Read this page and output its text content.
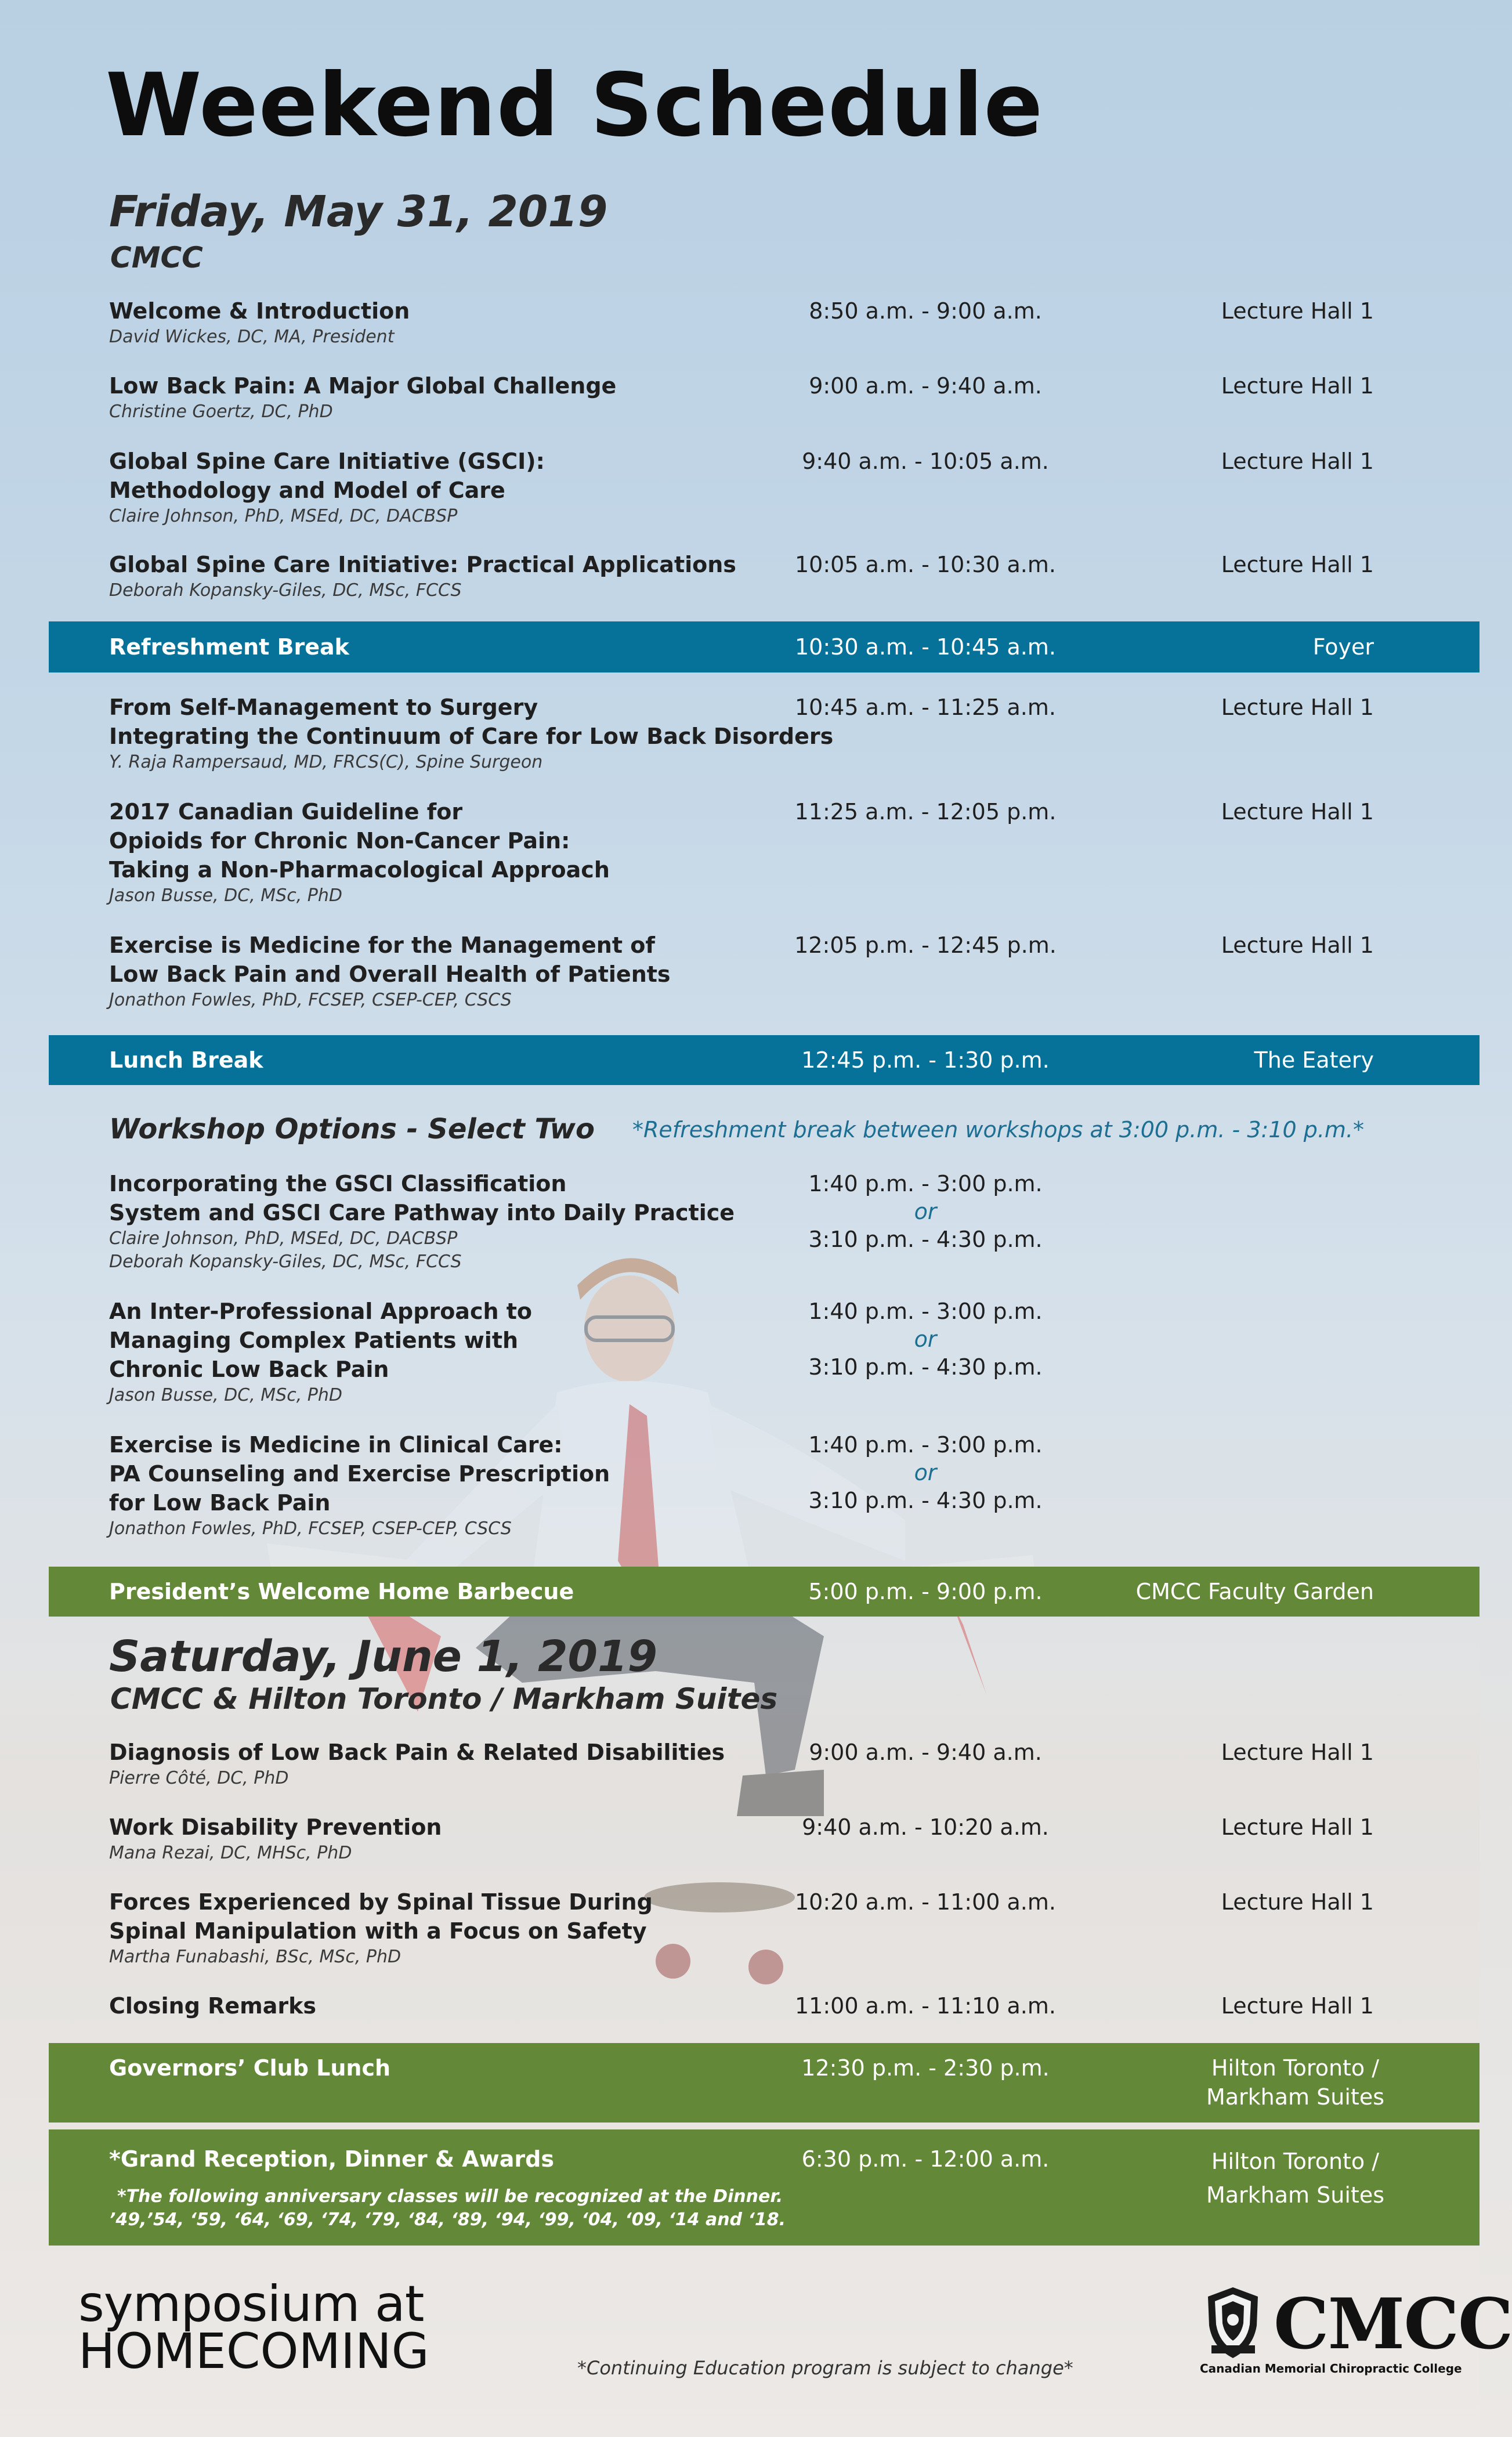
Weekend Schedule
Friday, May 31, 2019
CMCC
Welcome & Introduction
David Wickes, DC, MA, President
8:50 a.m. - 9:00 a.m.	Lecture Hall 1
Low Back Pain: A Major Global Challenge
Christine Goertz, DC, PhD
9:00 a.m. - 9:40 a.m.	Lecture Hall 1
Global Spine Care Initiative (GSCI):
Methodology and Model of Care
Claire Johnson, PhD, MSEd, DC, DACBSP
9:40 a.m. - 10:05 a.m.	Lecture Hall 1
Global Spine Care Initiative: Practical Applications
Deborah Kopansky-Giles, DC, MSc, FCCS
10:05 a.m. - 10:30 a.m.	Lecture Hall 1
Refreshment Break	10:30 a.m. - 10:45 a.m.	Foyer
From Self-Management to Surgery
Integrating the Continuum of Care for Low Back Disorders
Y. Raja Rampersaud, MD, FRCS(C), Spine Surgeon
10:45 a.m. - 11:25 a.m.	Lecture Hall 1
2017 Canadian Guideline for
Opioids for Chronic Non-Cancer Pain:
Taking a Non-Pharmacological Approach
Jason Busse, DC, MSc, PhD
11:25 a.m. - 12:05 p.m.	Lecture Hall 1
Exercise is Medicine for the Management of
Low Back Pain and Overall Health of Patients
Jonathon Fowles, PhD, FCSEP, CSEP-CEP, CSCS
12:05 p.m. - 12:45 p.m.	Lecture Hall 1
Lunch Break	12:45 p.m. - 1:30 p.m.	The Eatery
Workshop Options - Select Two *Refreshment break between workshops at 3:00 p.m. - 3:10 p.m.*
Incorporating the GSCI Classification
System and GSCI Care Pathway into Daily Practice
Claire Johnson, PhD, MSEd, DC, DACBSP
Deborah Kopansky-Giles, DC, MSc, FCCS
1:40 p.m. - 3:00 p.m.
or
3:10 p.m. - 4:30 p.m.
An Inter-Professional Approach to
Managing Complex Patients with
Chronic Low Back Pain
Jason Busse, DC, MSc, PhD
1:40 p.m. - 3:00 p.m.
or
3:10 p.m. - 4:30 p.m.
Exercise is Medicine in Clinical Care:
PA Counseling and Exercise Prescription
for Low Back Pain
Jonathon Fowles, PhD, FCSEP, CSEP-CEP, CSCS
1:40 p.m. - 3:00 p.m.
or
3:10 p.m. - 4:30 p.m.
President’s Welcome Home Barbecue	5:00 p.m. - 9:00 p.m.	CMCC Faculty Garden
Saturday, June 1, 2019
CMCC & Hilton Toronto / Markham Suites
Diagnosis of Low Back Pain & Related Disabilities
Pierre Côté, DC, PhD
9:00 a.m. - 9:40 a.m.	Lecture Hall 1
Work Disability Prevention
Mana Rezai, DC, MHSc, PhD
9:40 a.m. - 10:20 a.m.	Lecture Hall 1
Forces Experienced by Spinal Tissue During
Spinal Manipulation with a Focus on Safety
Martha Funabashi, BSc, MSc, PhD
10:20 a.m. - 11:00 a.m.	Lecture Hall 1
Closing Remarks	11:00 a.m. - 11:10 a.m.	Lecture Hall 1
Governors’ Club Lunch	12:30 p.m. - 2:30 p.m.	Hilton Toronto /
Markham Suites
*Grand Reception, Dinner & Awards	6:30 p.m. - 12:00 a.m.	Hilton Toronto /
Markham Suites
*The following anniversary classes will be recognized at the Dinner.
’49,’54, ‘59, ‘64, ‘69, ‘74, ‘79, ‘84, ‘89, ‘94, ‘99, ‘04, ‘09, ‘14 and ‘18.
symposium at
HOMECOMING	*Continuing Education program is subject to change*
CMCC
Canadian Memorial Chiropractic College
